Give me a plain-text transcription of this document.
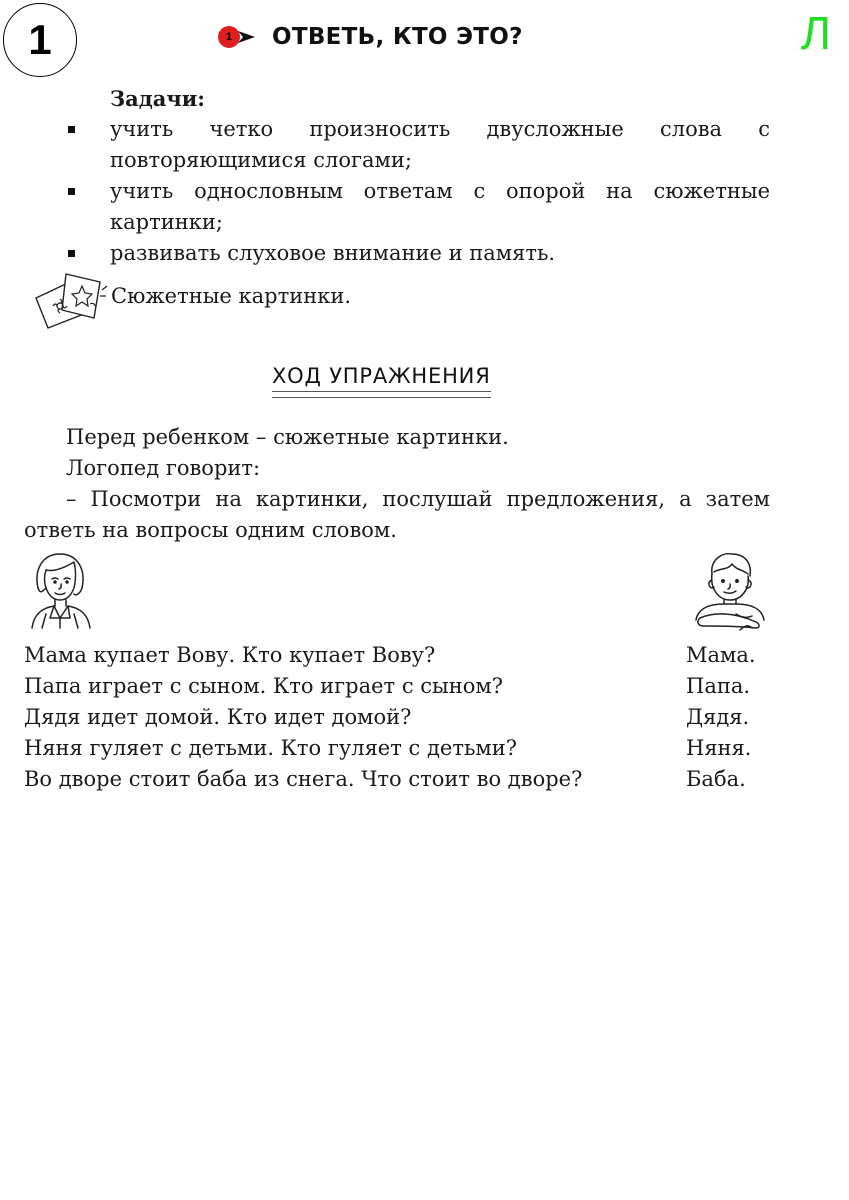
1	Л
1	ОТВЕТЬ, КТО ЭТО?
Задачи:
учить четко произносить двусложные слова с повторяющимися слогами;
учить однословным ответам с опорой на сюжетные картинки;
развивать слуховое внимание и память.
Сюжетные картинки.
ХОД УПРАЖНЕНИЯ
Перед ребенком – сюжетные картинки.
Логопед говорит:
– Посмотри на картинки, послушай предложения, а затем ответь на вопросы одним словом.
Мама купает Вову. Кто купает Вову?	Мама.
Папа играет с сыном. Кто играет с сыном?	Папа.
Дядя идет домой. Кто идет домой?	Дядя.
Няня гуляет с детьми. Кто гуляет с детьми?	Няня.
Во дворе стоит баба из снега. Что стоит во дворе?	Баба.
